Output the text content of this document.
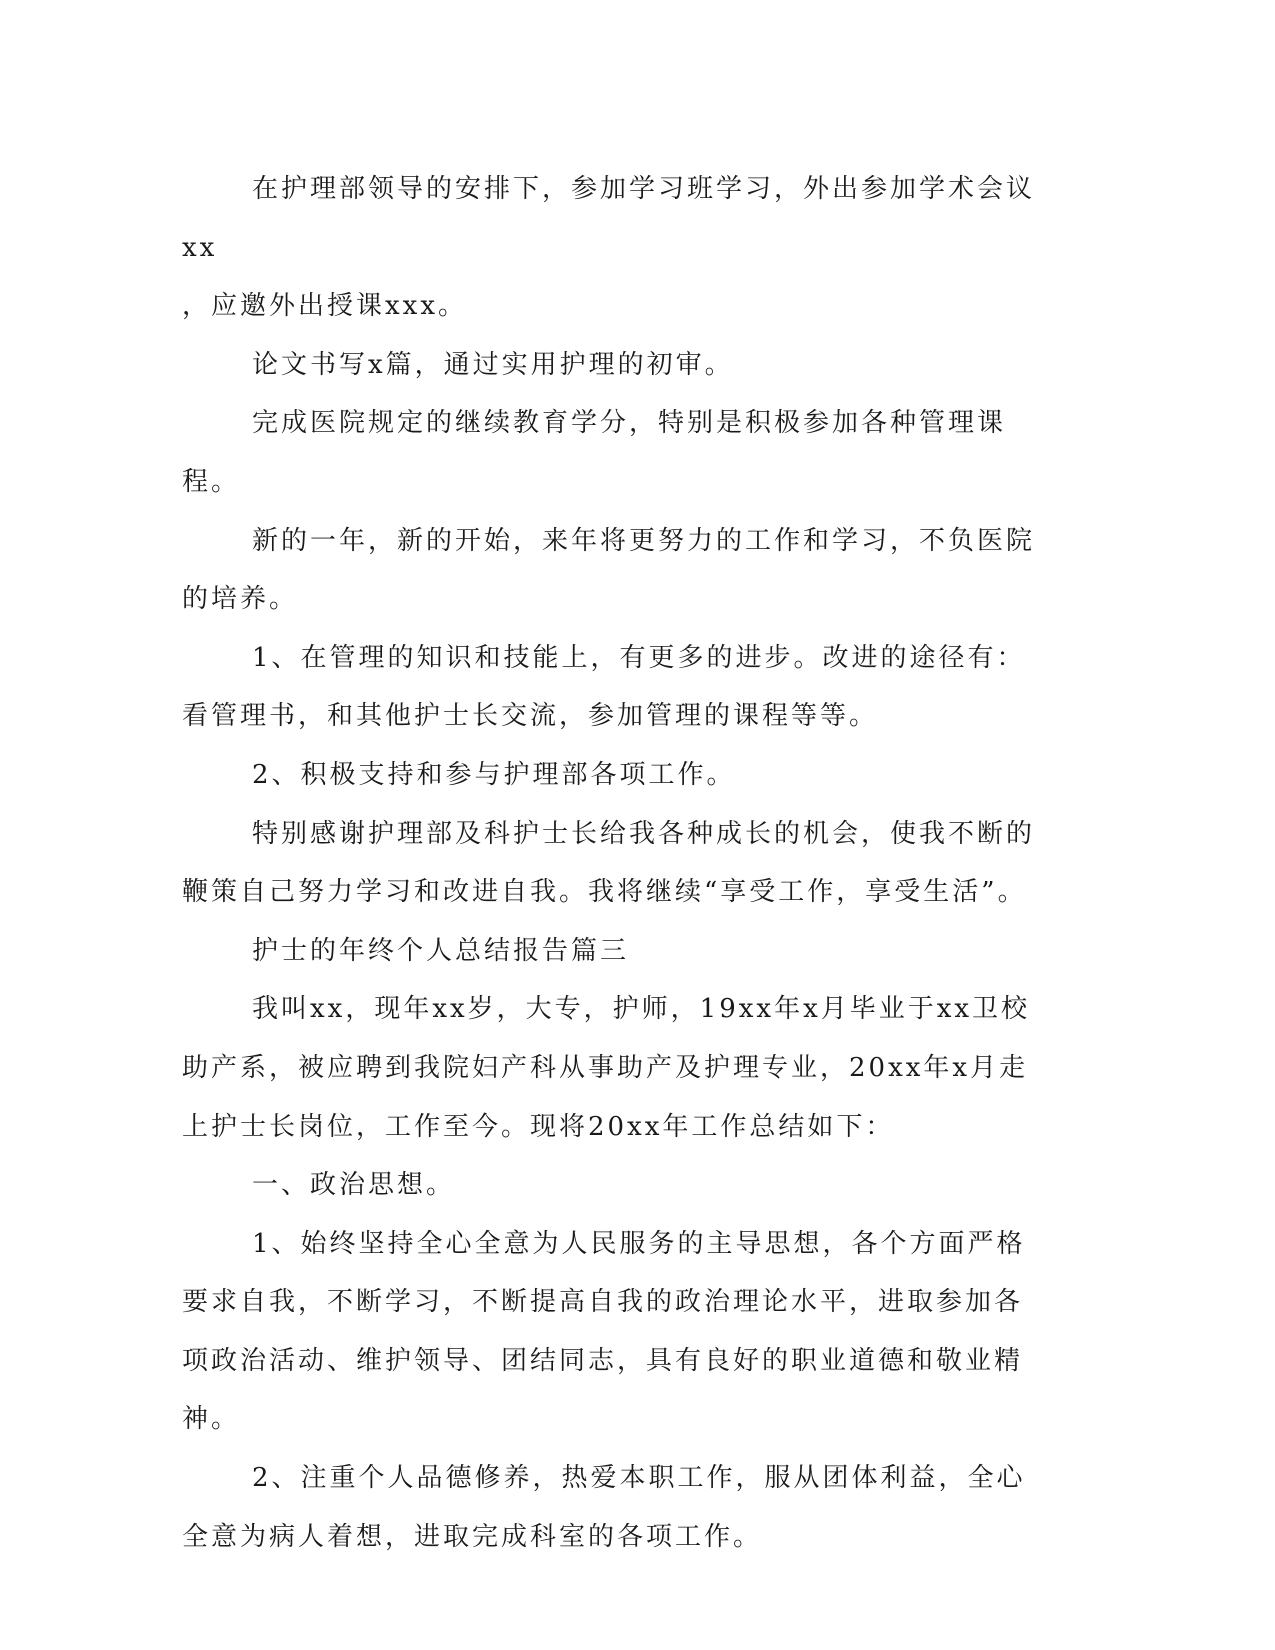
在护理部领导的安排下，参加学习班学习，外出参加学术会议xx

，应邀外出授课xxx。

论文书写x篇，通过实用护理的初审。

完成医院规定的继续教育学分，特别是积极参加各种管理课程。

新的一年，新的开始，来年将更努力的工作和学习，不负医院的培养。

1、在管理的知识和技能上，有更多的进步。改进的途径有：看管理书，和其他护士长交流，参加管理的课程等等。

2、积极支持和参与护理部各项工作。

特别感谢护理部及科护士长给我各种成长的机会，使我不断的鞭策自己努力学习和改进自我。我将继续“享受工作，享受生活”。

护士的年终个人总结报告篇三

我叫xx，现年xx岁，大专，护师，19xx年x月毕业于xx卫校助产系，被应聘到我院妇产科从事助产及护理专业，20xx年x月走上护士长岗位，工作至今。现将20xx年工作总结如下：

一、政治思想。

1、始终坚持全心全意为人民服务的主导思想，各个方面严格要求自我，不断学习，不断提高自我的政治理论水平，进取参加各项政治活动、维护领导、团结同志，具有良好的职业道德和敬业精神。

2、注重个人品德修养，热爱本职工作，服从团体利益，全心全意为病人着想，进取完成科室的各项工作。
